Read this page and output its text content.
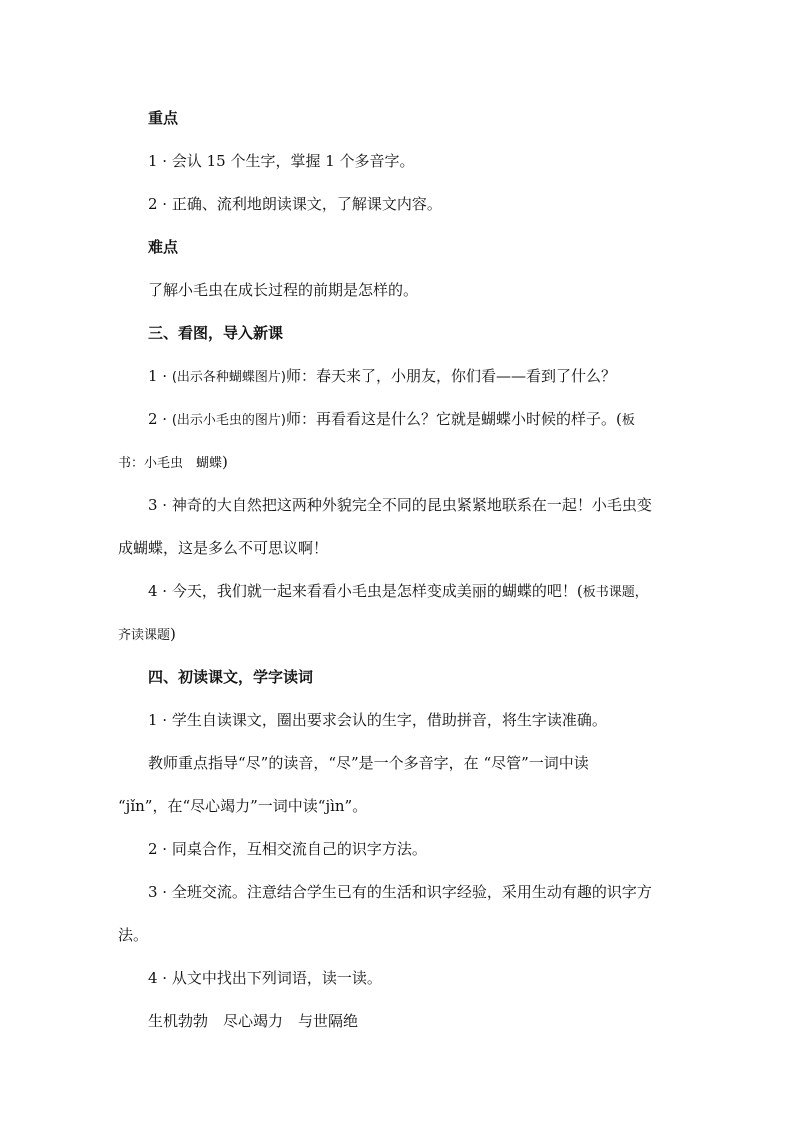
重点
1 · 会认 15 个生字，掌握 1 个多音字。
2 · 正确、流利地朗读课文，了解课文内容。
难点
了解小毛虫在成长过程的前期是怎样的。
三、看图，导入新课
1 · (出示各种蝴蝶图片)师：春天来了，小朋友，你们看——看到了什么？
2 · (出示小毛虫的图片)师：再看看这是什么？它就是蝴蝶小时候的样子。(板
书：小毛虫　蝴蝶)
3 · 神奇的大自然把这两种外貌完全不同的昆虫紧紧地联系在一起！小毛虫变
成蝴蝶，这是多么不可思议啊！
4 · 今天，我们就一起来看看小毛虫是怎样变成美丽的蝴蝶的吧！(板书课题，
齐读课题)
四、初读课文，学字读词
1 · 学生自读课文，圈出要求会认的生字，借助拼音，将生字读准确。
教师重点指导“尽”的读音，“尽”是一个多音字，在 “尽管”一词中读
“jǐn”，在“尽心竭力”一词中读“jìn”。
2 · 同桌合作，互相交流自己的识字方法。
3 · 全班交流。注意结合学生已有的生活和识字经验，采用生动有趣的识字方
法。
4 · 从文中找出下列词语，读一读。
生机勃勃　尽心竭力　与世隔绝
